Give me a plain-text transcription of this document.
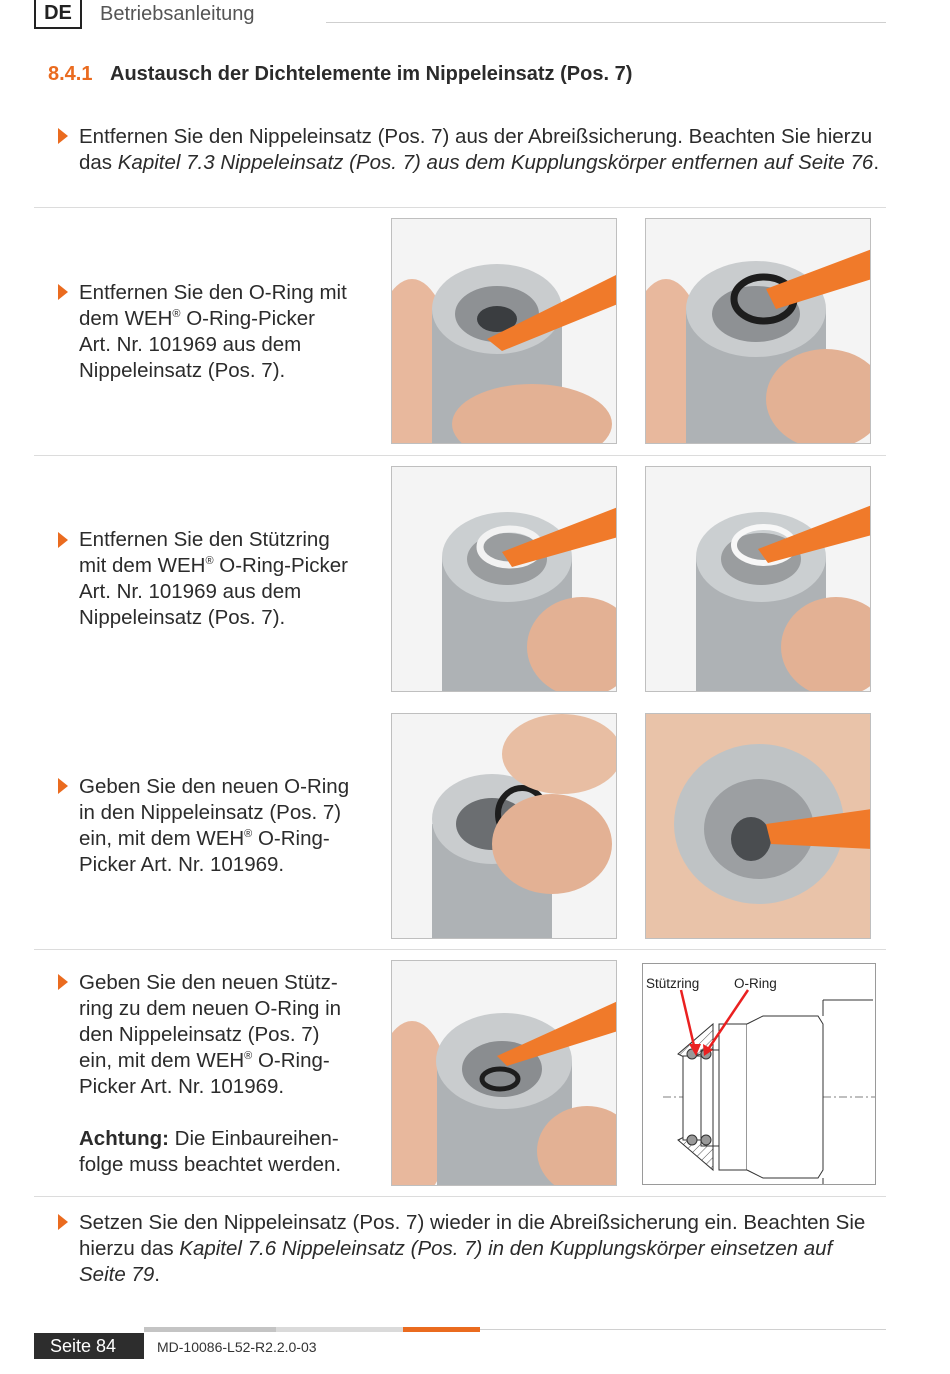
DE	Betriebsanleitung
8.4.1 Austausch der Dichtelemente im Nippeleinsatz (Pos. 7)
Entfernen Sie den Nippeleinsatz (Pos. 7) aus der Abreißsicherung. Beachten Sie hierzu das Kapitel 7.3 Nippeleinsatz (Pos. 7) aus dem Kupplungskörper entfernen auf Seite 76.
Entfernen Sie den O-Ring mit
dem WEH® O-Ring-Picker
Art. Nr. 101969 aus dem
Nippeleinsatz (Pos. 7).
Entfernen Sie den Stützring
mit dem WEH® O-Ring-Picker
Art. Nr. 101969 aus dem
Nippeleinsatz (Pos. 7).
Geben Sie den neuen O-Ring
in den Nippeleinsatz (Pos. 7)
ein, mit dem WEH® O-Ring-
Picker Art. Nr. 101969.
Geben Sie den neuen Stütz-
ring zu dem neuen O-Ring in
den Nippeleinsatz (Pos. 7)
ein, mit dem WEH® O-Ring-
Picker Art. Nr. 101969.
Achtung: Die Einbaureihen-
folge muss beachtet werden.
Stützring	O-Ring
Setzen Sie den Nippeleinsatz (Pos. 7) wieder in die Abreißsicherung ein. Beachten Sie hierzu das Kapitel 7.6 Nippeleinsatz (Pos. 7) in den Kupplungskörper einsetzen auf Seite 79.
Seite 84	MD-10086-L52-R2.2.0-03
